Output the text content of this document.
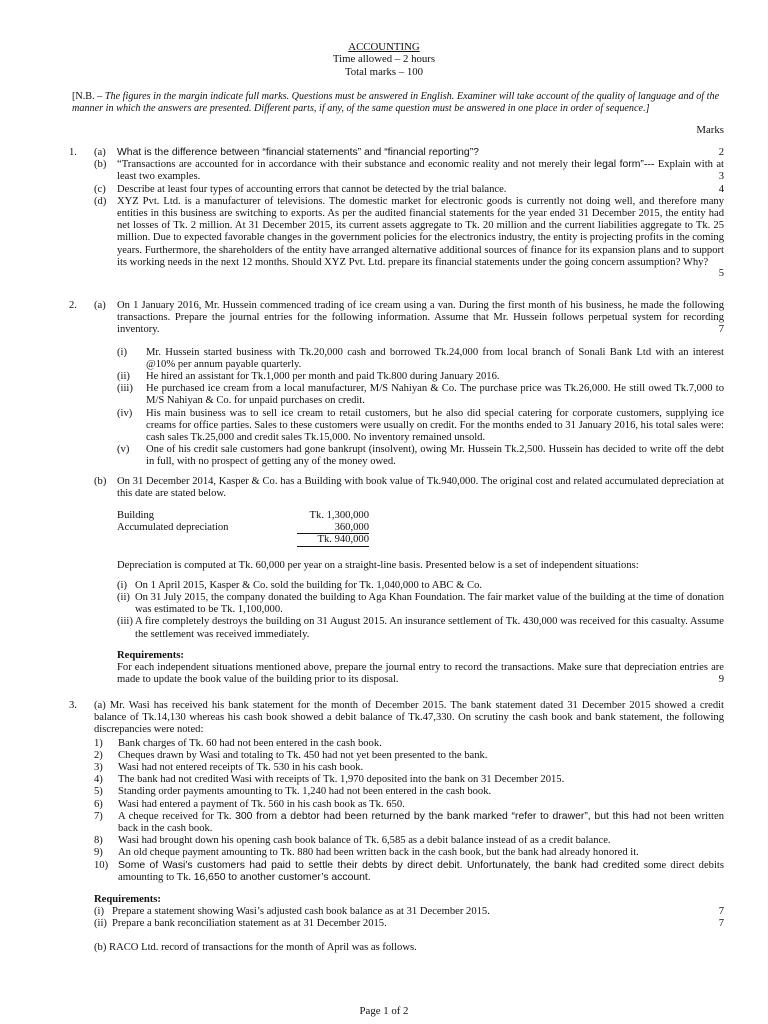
ACCOUNTING
Time allowed – 2 hours
Total marks – 100
[N.B. – The figures in the margin indicate full marks. Questions must be answered in English. Examiner will take account of the quality of language and of the manner in which the answers are presented. Different parts, if any, of the same question must be answered in one place in order of sequence.]
Marks
1. (a) What is the difference between “financial statements” and “financial reporting”?	2
(b) “Transactions are accounted for in accordance with their substance and economic reality and not merely their legal form”--- Explain with at least two examples.	3
(c) Describe at least four types of accounting errors that cannot be detected by the trial balance.	4
(d) XYZ Pvt. Ltd. is a manufacturer of televisions. The domestic market for electronic goods is currently not doing well, and therefore many entities in this business are switching to exports. As per the audited financial statements for the year ended 31 December 2015, the entity had net losses of Tk. 2 million. At 31 December 2015, its current assets aggregate to Tk. 20 million and the current liabilities aggregate to Tk. 25 million. Due to expected favorable changes in the government policies for the electronics industry, the entity is projecting profits in the coming years. Furthermore, the shareholders of the entity have arranged alternative additional sources of finance for its expansion plans and to support its working needs in the next 12 months. Should XYZ Pvt. Ltd. prepare its financial statements under the going concern assumption? Why?
5
2. (a) On 1 January 2016, Mr. Hussein commenced trading of ice cream using a van. During the first month of his business, he made the following transactions. Prepare the journal entries for the following information. Assume that Mr. Hussein follows perpetual system for recording inventory.	7
(i) Mr. Hussein started business with Tk.20,000 cash and borrowed Tk.24,000 from local branch of Sonali Bank Ltd with an interest @10% per annum payable quarterly.
(ii) He hired an assistant for Tk.1,000 per month and paid Tk.800 during January 2016.
(iii) He purchased ice cream from a local manufacturer, M/S Nahiyan & Co. The purchase price was Tk.26,000. He still owed Tk.7,000 to M/S Nahiyan & Co. for unpaid purchases on credit.
(iv) His main business was to sell ice cream to retail customers, but he also did special catering for corporate customers, supplying ice creams for office parties. Sales to these customers were usually on credit. For the months ended to 31 January 2016, his total sales were: cash sales Tk.25,000 and credit sales Tk.15,000. No inventory remained unsold.
(v) One of his credit sale customers had gone bankrupt (insolvent), owing Mr. Hussein Tk.2,500. Hussein has decided to write off the debt in full, with no prospect of getting any of the money owed.
(b) On 31 December 2014, Kasper & Co. has a Building with book value of Tk.940,000. The original cost and related accumulated depreciation at this date are stated below.
Building	Tk. 1,300,000
Accumulated depreciation	360,000
	Tk. 940,000
Depreciation is computed at Tk. 60,000 per year on a straight-line basis. Presented below is a set of independent situations:
(i) On 1 April 2015, Kasper & Co. sold the building for Tk. 1,040,000 to ABC & Co.
(ii) On 31 July 2015, the company donated the building to Aga Khan Foundation. The fair market value of the building at the time of donation was estimated to be Tk. 1,100,000.
(iii) A fire completely destroys the building on 31 August 2015. An insurance settlement of Tk. 430,000 was received for this casualty. Assume the settlement was received immediately.
Requirements:
For each independent situations mentioned above, prepare the journal entry to record the transactions. Make sure that depreciation entries are made to update the book value of the building prior to its disposal.	9
3. (a) Mr. Wasi has received his bank statement for the month of December 2015. The bank statement dated 31 December 2015 showed a credit balance of Tk.14,130 whereas his cash book showed a debit balance of Tk.47,330. On scrutiny the cash book and bank statement, the following discrepancies were noted:
1) Bank charges of Tk. 60 had not been entered in the cash book.
2) Cheques drawn by Wasi and totaling to Tk. 450 had not yet been presented to the bank.
3) Wasi had not entered receipts of Tk. 530 in his cash book.
4) The bank had not credited Wasi with receipts of Tk. 1,970 deposited into the bank on 31 December 2015.
5) Standing order payments amounting to Tk. 1,240 had not been entered in the cash book.
6) Wasi had entered a payment of Tk. 560 in his cash book as Tk. 650.
7) A cheque received for Tk. 300 from a debtor had been returned by the bank marked “refer to drawer”, but this had not been written back in the cash book.
8) Wasi had brought down his opening cash book balance of Tk. 6,585 as a debit balance instead of as a credit balance.
9) An old cheque payment amounting to Tk. 880 had been written back in the cash book, but the bank had already honored it.
10) Some of Wasi’s customers had paid to settle their debts by direct debit. Unfortunately, the bank had credited some direct debits amounting to Tk. 16,650 to another customer’s account.
Requirements:
(i) Prepare a statement showing Wasi’s adjusted cash book balance as at 31 December 2015.	7
(ii) Prepare a bank reconciliation statement as at 31 December 2015.	7
(b) RACO Ltd. record of transactions for the month of April was as follows.
Page 1 of 2
